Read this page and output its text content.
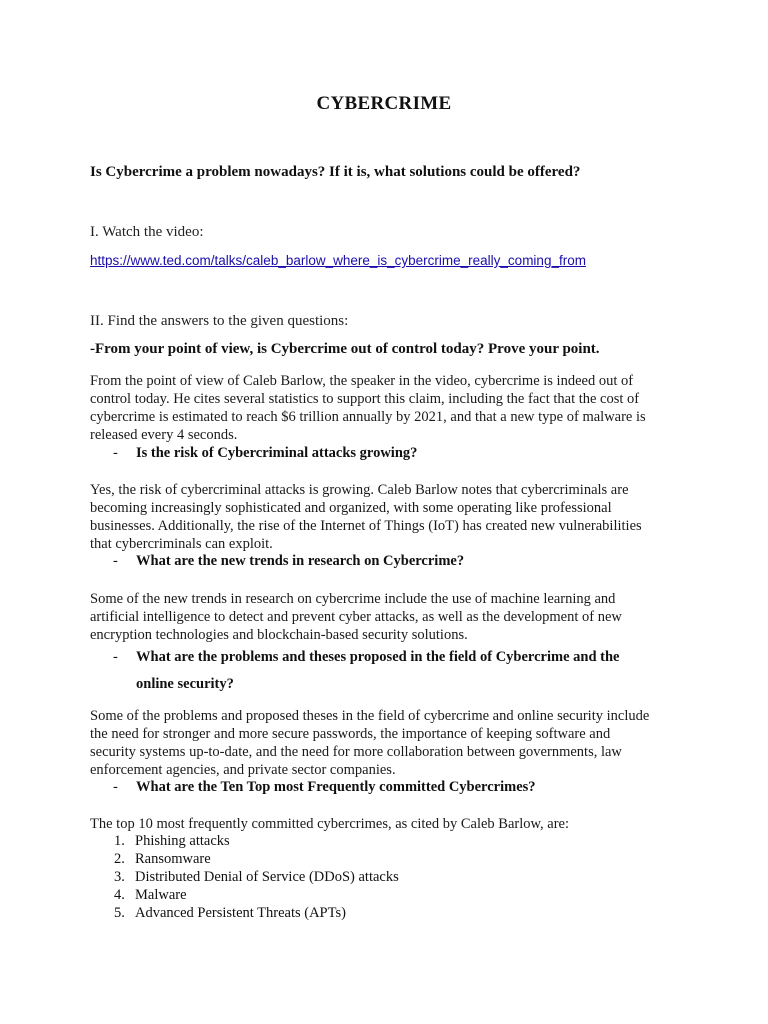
CYBERCRIME

Is Cybercrime a problem nowadays? If it is, what solutions could be offered?

I. Watch the video:

https://www.ted.com/talks/caleb_barlow_where_is_cybercrime_really_coming_from

II. Find the answers to the given questions:

-From your point of view, is Cybercrime out of control today? Prove your point.

From the point of view of Caleb Barlow, the speaker in the video, cybercrime is indeed out of
control today. He cites several statistics to support this claim, including the fact that the cost of
cybercrime is estimated to reach $6 trillion annually by 2021, and that a new type of malware is
released every 4 seconds.
- Is the risk of Cybercriminal attacks growing?
Yes, the risk of cybercriminal attacks is growing. Caleb Barlow notes that cybercriminals are
becoming increasingly sophisticated and organized, with some operating like professional
businesses. Additionally, the rise of the Internet of Things (IoT) has created new vulnerabilities
that cybercriminals can exploit.
- What are the new trends in research on Cybercrime?
Some of the new trends in research on cybercrime include the use of machine learning and
artificial intelligence to detect and prevent cyber attacks, as well as the development of new
encryption technologies and blockchain-based security solutions.
- What are the problems and theses proposed in the field of Cybercrime and the
online security?
Some of the problems and proposed theses in the field of cybercrime and online security include
the need for stronger and more secure passwords, the importance of keeping software and
security systems up-to-date, and the need for more collaboration between governments, law
enforcement agencies, and private sector companies.
- What are the Ten Top most Frequently committed Cybercrimes?

The top 10 most frequently committed cybercrimes, as cited by Caleb Barlow, are:

1. Phishing attacks
2. Ransomware
3. Distributed Denial of Service (DDoS) attacks
4. Malware
5. Advanced Persistent Threats (APTs)
